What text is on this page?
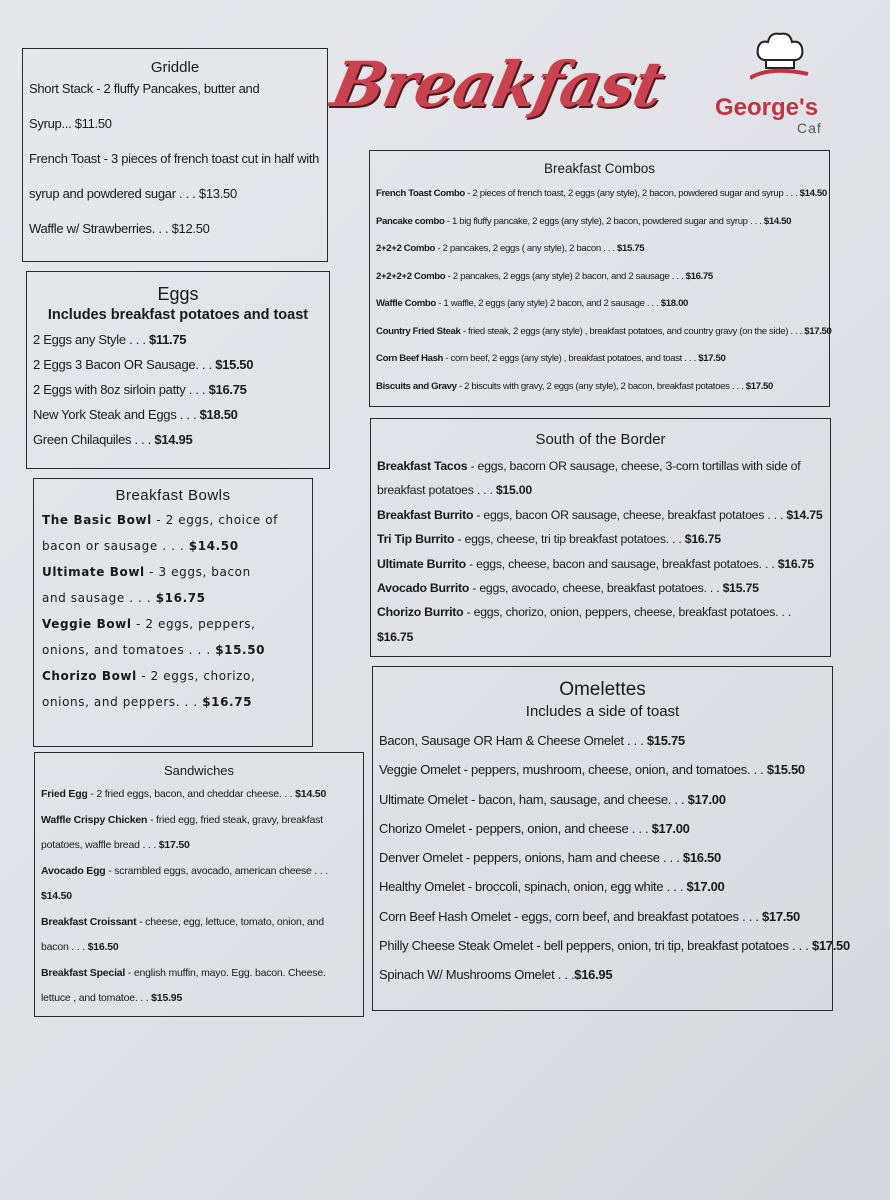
Breakfast George's
Caf
Griddle

Short Stack - 2 fluffy Pancakes, butter and

Syrup... $11.50

French Toast - 3 pieces of french toast cut in half with

syrup and powdered sugar . . . $13.50

Waffle w/ Strawberries. . . $12.50

Eggs
Includes breakfast potatoes and toast

2 Eggs any Style . . . $11.75

2 Eggs 3 Bacon OR Sausage. . . $15.50

2 Eggs with 8oz sirloin patty . . . $16.75

New York Steak and Eggs . . . $18.50

Green Chilaquiles . . . $14.95

Breakfast Bowls

The Basic Bowl - 2 eggs, choice of

bacon or sausage . . . $14.50

Ultimate Bowl - 3 eggs, bacon

and sausage . . . $16.75

Veggie Bowl - 2 eggs, peppers,

onions, and tomatoes . . . $15.50

Chorizo Bowl - 2 eggs, chorizo,

onions, and peppers. . . $16.75

Sandwiches

Fried Egg - 2 fried eggs, bacon, and cheddar cheese. . . $14.50

Waffle Crispy Chicken - fried egg, fried steak, gravy, breakfast

potatoes, waffle bread . . . $17.50

Avocado Egg - scrambled eggs, avocado, american cheese . . .

$14.50

Breakfast Croissant - cheese, egg, lettuce, tomato, onion, and

bacon . . . $16.50

Breakfast Special - english muffin, mayo. Egg. bacon. Cheese.

lettuce , and tomatoe. . . $15.95

Breakfast Combos

French Toast Combo - 2 pieces of french toast, 2 eggs (any style), 2 bacon, powdered sugar and syrup . . . $14.50

Pancake combo - 1 big fluffy pancake, 2 eggs (any style), 2 bacon, powdered sugar and syrup . . . $14.50

2+2+2 Combo - 2 pancakes, 2 eggs ( any style), 2 bacon . . . $15.75

2+2+2+2 Combo - 2 pancakes, 2 eggs (any style) 2 bacon, and 2 sausage . . . $16.75

Waffle Combo - 1 waffle, 2 eggs (any style) 2 bacon, and 2 sausage . . . $18.00

Country Fried Steak - fried steak, 2 eggs (any style) , breakfast potatoes, and country gravy (on the side) . . . $17.50

Corn Beef Hash - corn beef, 2 eggs (any style) , breakfast potatoes, and toast . . . $17.50

Biscuits and Gravy - 2 biscuits with gravy, 2 eggs (any style), 2 bacon, breakfast potatoes . . . $17.50

South of the Border

Breakfast Tacos - eggs, bacorn OR sausage, cheese, 3-corn tortillas with side of

breakfast potatoes . . . $15.00

Breakfast Burrito - eggs, bacon OR sausage, cheese, breakfast potatoes . . . $14.75

Tri Tip Burrito - eggs, cheese, tri tip breakfast potatoes. . . $16.75

Ultimate Burrito - eggs, cheese, bacon and sausage, breakfast potatoes. . . $16.75

Avocado Burrito - eggs, avocado, cheese, breakfast potatoes. . . $15.75

Chorizo Burrito - eggs, chorizo, onion, peppers, cheese, breakfast potatoes. . .

$16.75

Omelettes
Includes a side of toast

Bacon, Sausage OR Ham & Cheese Omelet . . . $15.75

Veggie Omelet - peppers, mushroom, cheese, onion, and tomatoes. . . $15.50

Ultimate Omelet - bacon, ham, sausage, and cheese. . . $17.00

Chorizo Omelet - peppers, onion, and cheese . . . $17.00

Denver Omelet - peppers, onions, ham and cheese . . . $16.50

Healthy Omelet - broccoli, spinach, onion, egg white . . . $17.00

Corn Beef Hash Omelet - eggs, corn beef, and breakfast potatoes . . . $17.50

Philly Cheese Steak Omelet - bell peppers, onion, tri tip, breakfast potatoes . . . $17.50

Spinach W/ Mushrooms Omelet . . .$16.95
